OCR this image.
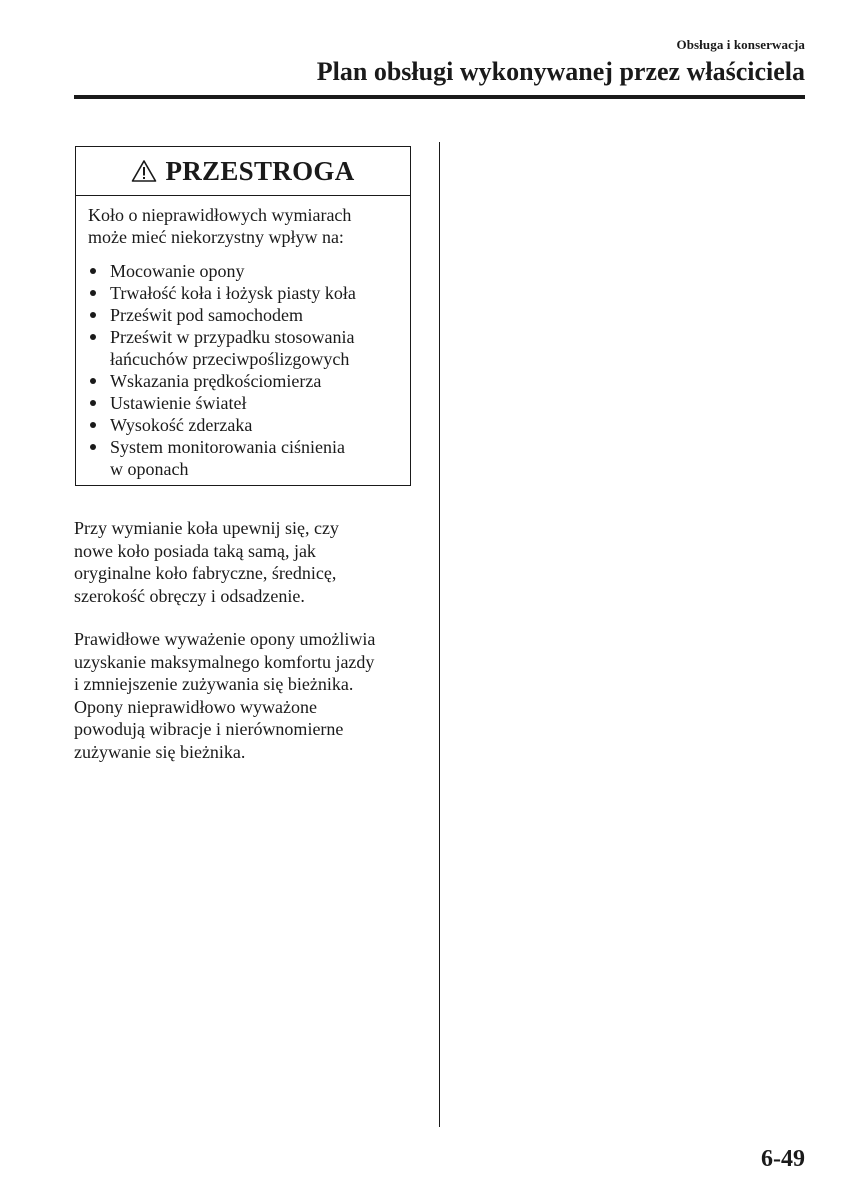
Obsługa i konserwacja
Plan obsługi wykonywanej przez właściciela
PRZESTROGA

Koło o nieprawidłowych wymiarach
może mieć niekorzystny wpływ na:

Mocowanie opony
Trwałość koła i łożysk piasty koła
Prześwit pod samochodem
Prześwit w przypadku stosowania
łańcuchów przeciwpoślizgowych
Wskazania prędkościomierza
Ustawienie świateł
Wysokość zderzaka
System monitorowania ciśnienia
w oponach

Przy wymianie koła upewnij się, czy
nowe koło posiada taką samą, jak
oryginalne koło fabryczne, średnicę,
szerokość obręczy i odsadzenie.

Prawidłowe wyważenie opony umożliwia
uzyskanie maksymalnego komfortu jazdy
i zmniejszenie zużywania się bieżnika.
Opony nieprawidłowo wyważone
powodują wibracje i nierównomierne
zużywanie się bieżnika.

6-49
